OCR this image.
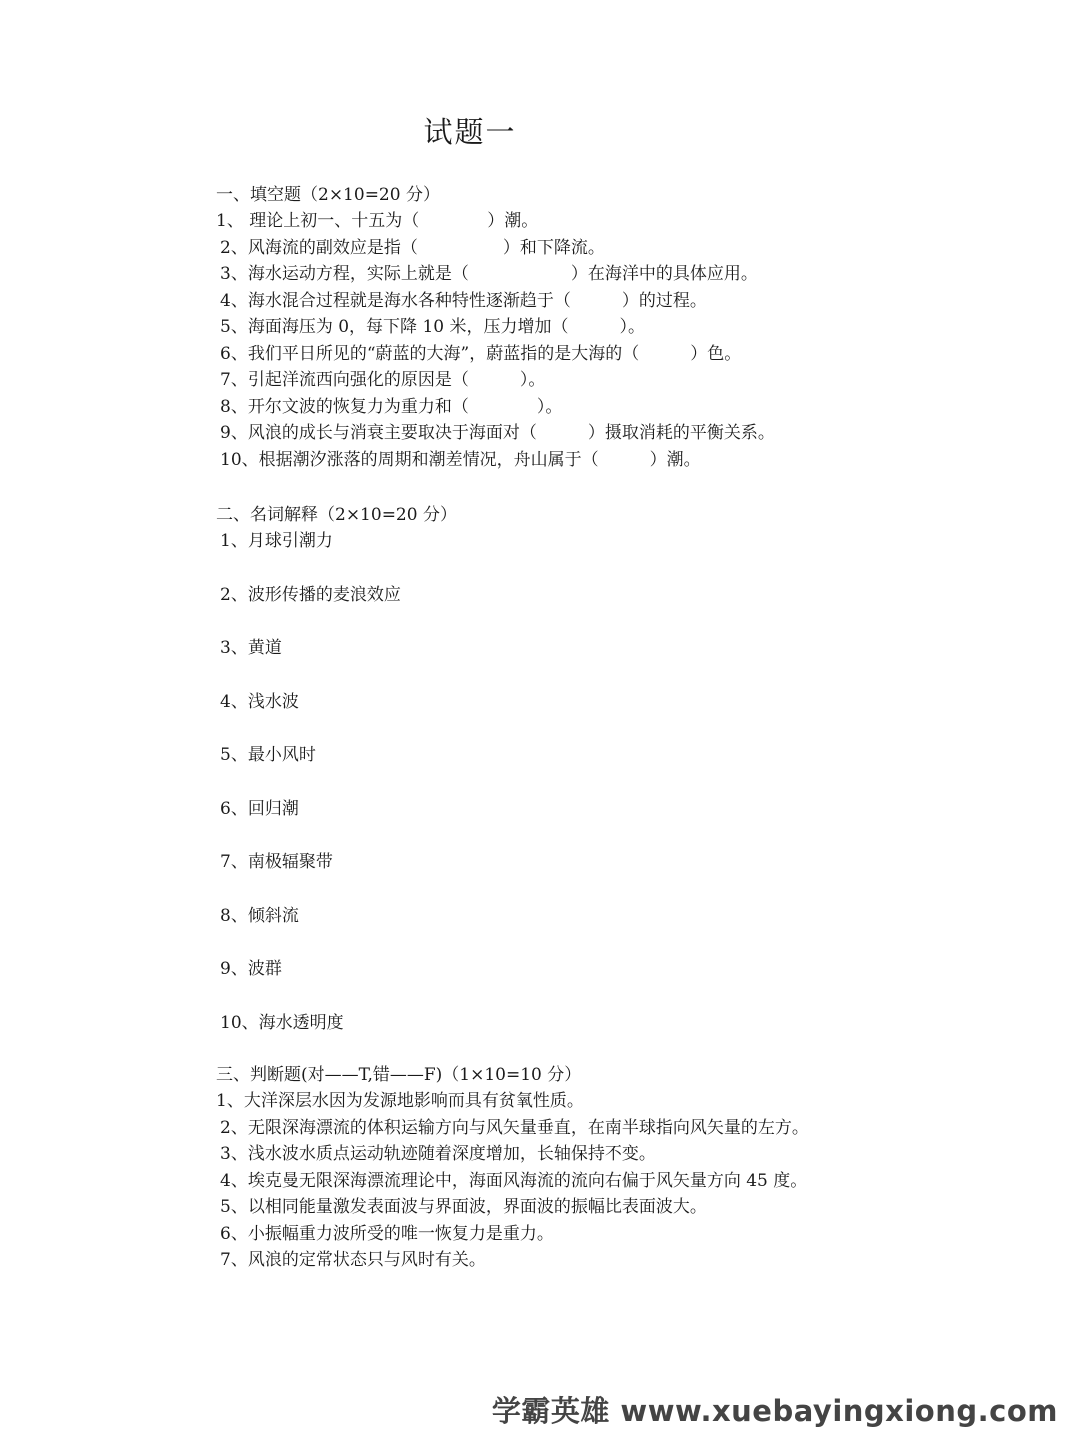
试题一
一、填空题（2×10=20 分）
1、 理论上初一、十五为（　　　　）潮。
2、风海流的副效应是指（　　　　　）和下降流。
3、海水运动方程，实际上就是（　　　　　　）在海洋中的具体应用。
4、海水混合过程就是海水各种特性逐渐趋于（　　　）的过程。
5、海面海压为 0，每下降 10 米，压力增加（　　　）。
6、我们平日所见的“蔚蓝的大海”，蔚蓝指的是大海的（　　　）色。
7、引起洋流西向强化的原因是（　　　）。
8、开尔文波的恢复力为重力和（　　　　）。
9、风浪的成长与消衰主要取决于海面对（　　　）摄取消耗的平衡关系。
10、根据潮汐涨落的周期和潮差情况，舟山属于（　　　）潮。
二、名词解释（2×10=20 分）
1、月球引潮力
2、波形传播的麦浪效应
3、黄道
4、浅水波
5、最小风时
6、回归潮
7、南极辐聚带
8、倾斜流
9、波群
10、海水透明度
三、判断题(对——T,错——F)（1×10=10 分）
1、大洋深层水因为发源地影响而具有贫氧性质。
2、无限深海漂流的体积运输方向与风矢量垂直，在南半球指向风矢量的左方。
3、浅水波水质点运动轨迹随着深度增加，长轴保持不变。
4、埃克曼无限深海漂流理论中，海面风海流的流向右偏于风矢量方向 45 度。
5、以相同能量激发表面波与界面波，界面波的振幅比表面波大。
6、小振幅重力波所受的唯一恢复力是重力。
7、风浪的定常状态只与风时有关。
学霸英雄 www.xuebayingxiong.com
